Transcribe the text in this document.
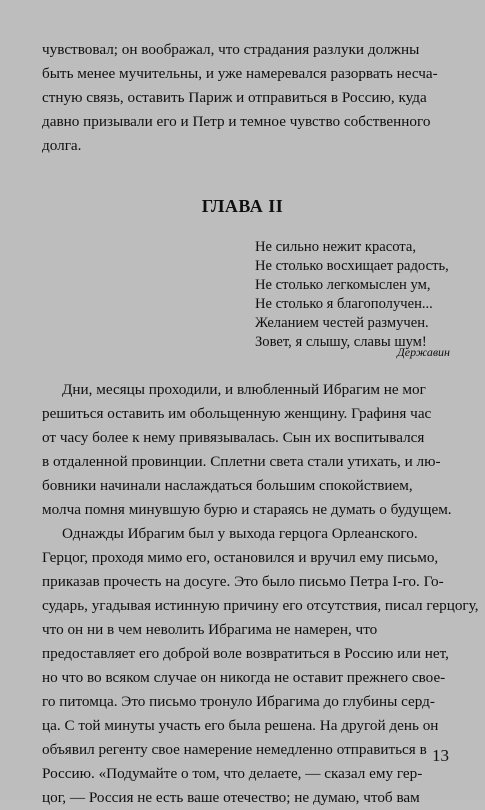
чувствовал; он воображал, что страдания разлуки должны
быть менее мучительны, и уже намеревался разорвать несча-
стную связь, оставить Париж и отправиться в Россию, куда
давно призывали его и Петр и темное чувство собственного
долга.
ГЛАВА II
Не сильно нежит красота,
Не столько восхищает радость,
Не столько легкомыслен ум,
Не столько я благополучен...
Желанием честей размучен.
Зовет, я слышу, славы шум!
Державин
Дни, месяцы проходили, и влюбленный Ибрагим не мог
решиться оставить им обольщенную женщину. Графиня час
от часу более к нему привязывалась. Сын их воспитывался
в отдаленной провинции. Сплетни света стали утихать, и лю-
бовники начинали наслаждаться большим спокойствием,
молча помня минувшую бурю и стараясь не думать о будущем.
Однажды Ибрагим был у выхода герцога Орлеанского.
Герцог, проходя мимо его, остановился и вручил ему письмо,
приказав прочесть на досуге. Это было письмо Петра I-го. Го-
сударь, угадывая истинную причину его отсутствия, писал герцогу,
что он ни в чем неволить Ибрагима не намерен, что
предоставляет его доброй воле возвратиться в Россию или нет,
но что во всяком случае он никогда не оставит прежнего свое-
го питомца. Это письмо тронуло Ибрагима до глубины серд-
ца. С той минуты участь его была решена. На другой день он
объявил регенту свое намерение немедленно отправиться в
Россию. «Подумайте о том, что делаете, — сказал ему гер-
цог, — Россия не есть ваше отечество; не думаю, чтоб вам
13
